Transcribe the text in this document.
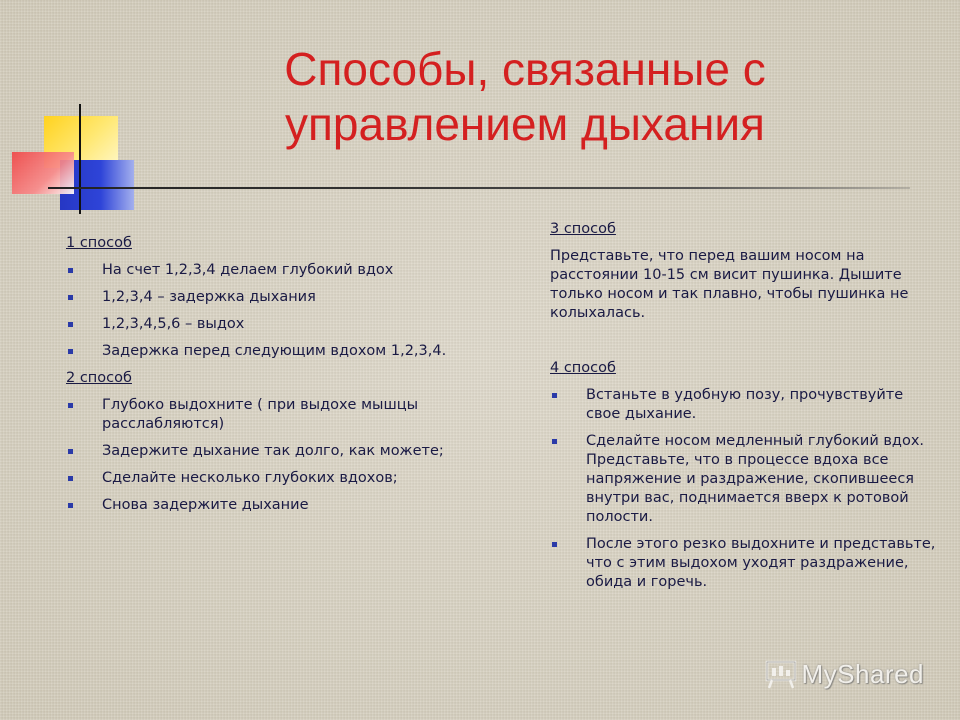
Способы, связанные с управлением дыхания
1 способ
На счет 1,2,3,4 делаем глубокий вдох
1,2,3,4 – задержка дыхания
1,2,3,4,5,6 – выдох
Задержка перед следующим вдохом 1,2,3,4.
2 способ
Глубоко выдохните ( при выдохе мышцы расслабляются)
Задержите дыхание так долго, как можете;
Сделайте несколько глубоких вдохов;
Снова задержите дыхание
3 способ

Представьте, что перед вашим носом на расстоянии 10-15 см висит пушинка. Дышите только носом и так плавно, чтобы пушинка не колыхалась.

4 способ
Встаньте в удобную позу, прочувствуйте свое дыхание.
Сделайте носом медленный глубокий вдох. Представьте, что в процессе вдоха все напряжение и раздражение, скопившееся внутри вас, поднимается вверх к ротовой полости.
После этого резко выдохните и представьте, что с этим выдохом уходят раздражение, обида и горечь.
MyShared
